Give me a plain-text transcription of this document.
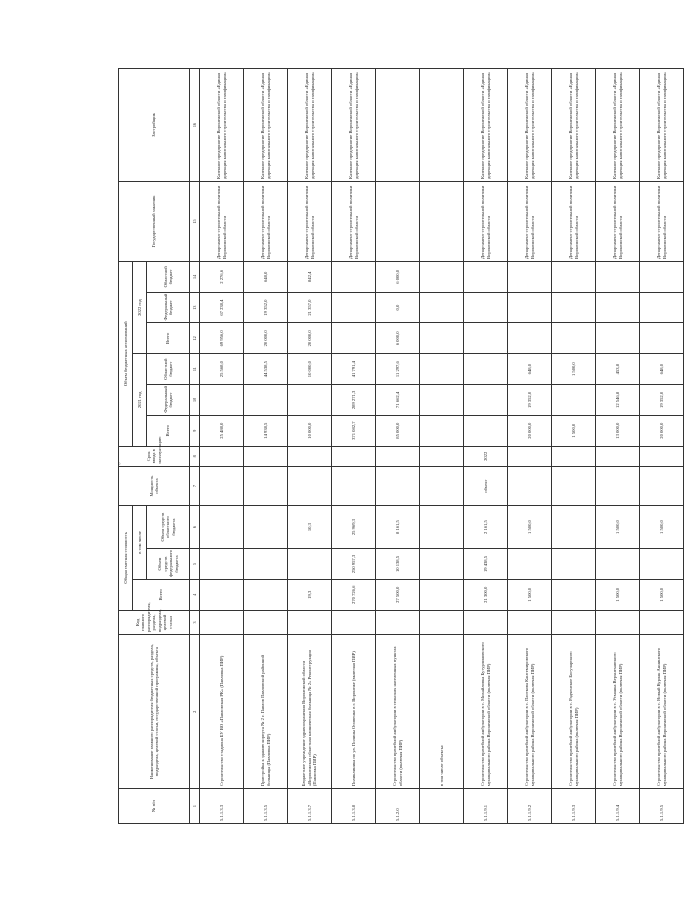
о
№ п/п	Наименование главного распорядителя бюджетных средств, раздела, подраздела, целевой статьи, государственной программы, объекта	Код главного распорядителя, раздела, подраздела, целевой статьи	Общая сметная стоимость			Мощность объекта	Срок ввода в эксплуатацию	Объем бюджетных ассигнований						Государственный заказчик	Застройщик
			Всего	в том числе				2021 год			2022 год				
				Объем средств федерального бюджета	Объем средств областного бюджета			Всего	Федеральный бюджет	Областной бюджет	Всего	Федеральный бюджет	Областной бюджет		
1	2	3	4	5	6	7	8	9	10	11	12	13	14	15	16
5.1.1.3.3	Строительство стадиона БУ ВО «Павловская РК» (Павловка ПИР)							25 488,0		25 568,0	69 956,0	67 238,4	2 276,6	Департамент строительной политики Воронежской области	Казенное предприятие Воронежской области «Единая дирекция капитального строительства и газификации»
5.1.1.3.5	Пристройка к зданию корпуса № 2 г. Павлов Павловской районной больницы (Павловка ПИР)							14 938,5		44 538,5	20 000,0	19 352,0	648,0	Департамент строительной политики Воронежской области	Казенное предприятие Воронежской области «Единая дирекция капитального строительства и газификации»
5.1.1.3.7	Бюджетное учреждение здравоохранения Воронежской области «Воронежская областная клиническая больница № 2» Реконструкция (Павловка ПИР)		19,3		10,3			10 000,0		10 000,0	20 000,0	21 357,0	842,4	Департамент строительной политики Воронежской области	Казенное предприятие Воронежской области «Единая дирекция капитального строительства и газификации»
5.1.1.3.8	Поликлиника по ул. Полины Осипенко в г. Воронеже (включая ПИР)		270 726,6	250 957,3	25 969,3			371 082,7	289 271,3	41 791,4				Департамент строительной политики Воронежской области	Казенное предприятие Воронежской области «Единая дирекция капитального строительства и газификации»
5.1.2.0	Строительство врачебной амбулатории в сельских населенных пунктах области (включая ПИР)		27 500,0	10 138,5	8 161,5			85 000,0	71 662,4	11 297,6	6 000,0	0,0	6 000,0		
	в том числе объекты:														
5.1.1.9.1	Строительство врачебной амбулатории в с. Михайловка Бутурлиновского муниципального района Воронежской области (включая ПИР)		21 300,0	19 438,5	2 161,5	объект	2022							Департамент строительной политики Воронежской области	Казенное предприятие Воронежской области «Единая дирекция капитального строительства и газификации»
5.1.1.9.2	Строительство врачебной амбулатории в с. Пасекова Кантемировского муниципального района Воронежской области (включая ПИР)		1 500,0		1 500,0			20 000,0	19 352,0	648,0				Департамент строительной политики Воронежской области	Казенное предприятие Воронежской области «Единая дирекция капитального строительства и газификации»
5.1.1.9.3	Строительство врачебной амбулатории в с. Радченское Богучарского муниципального района (включая ПИР)							1 500,0		1 500,0				Департамент строительной политики Воронежской области	Казенное предприятие Воронежской области «Единая дирекция капитального строительства и газификации»
5.1.1.9.4	Строительство врачебной амбулатории в с. Усманка Верхнехавского муниципального района Воронежской области (включая ПИР)		1 500,0		1 500,0			13 000,0	12 546,8	453,8				Департамент строительной политики Воронежской области	Казенное предприятие Воронежской области «Единая дирекция капитального строительства и газификации»
5.1.1.9.5	Строительство врачебной амбулатории в с. Новый Курлак Аннинского муниципального района Воронежской области (включая ПИР)		1 500,0		1 500,0			20 000,0	19 352,0	648,0				Департамент строительной политики Воронежской области	Казенное предприятие Воронежской области «Единая дирекция капитального строительства и газификации»
